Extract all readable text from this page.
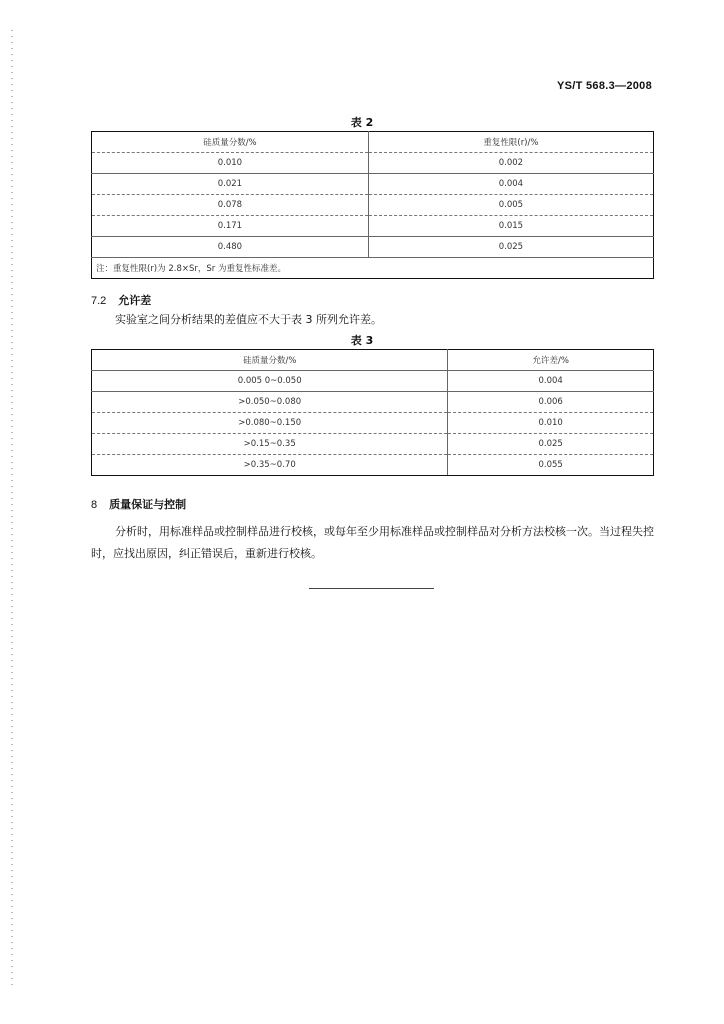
YS/T 568.3—2008
表 2
硅质量分数/%	重复性限(r)/%
0.010	0.002
0.021	0.004
0.078	0.005
0.171	0.015
0.480	0.025
注：重复性限(r)为 2.8×Sr，Sr 为重复性标准差。	
7.2 允许差
实验室之间分析结果的差值应不大于表 3 所列允许差。
表 3
硅质量分数/%	允许差/%
0.005 0~0.050	0.004
>0.050~0.080	0.006
>0.080~0.150	0.010
>0.15~0.35	0.025
>0.35~0.70	0.055
8 质量保证与控制
分析时，用标准样品或控制样品进行校核，或每年至少用标准样品或控制样品对分析方法校核一次。当过程失控时，应找出原因，纠正错误后，重新进行校核。
